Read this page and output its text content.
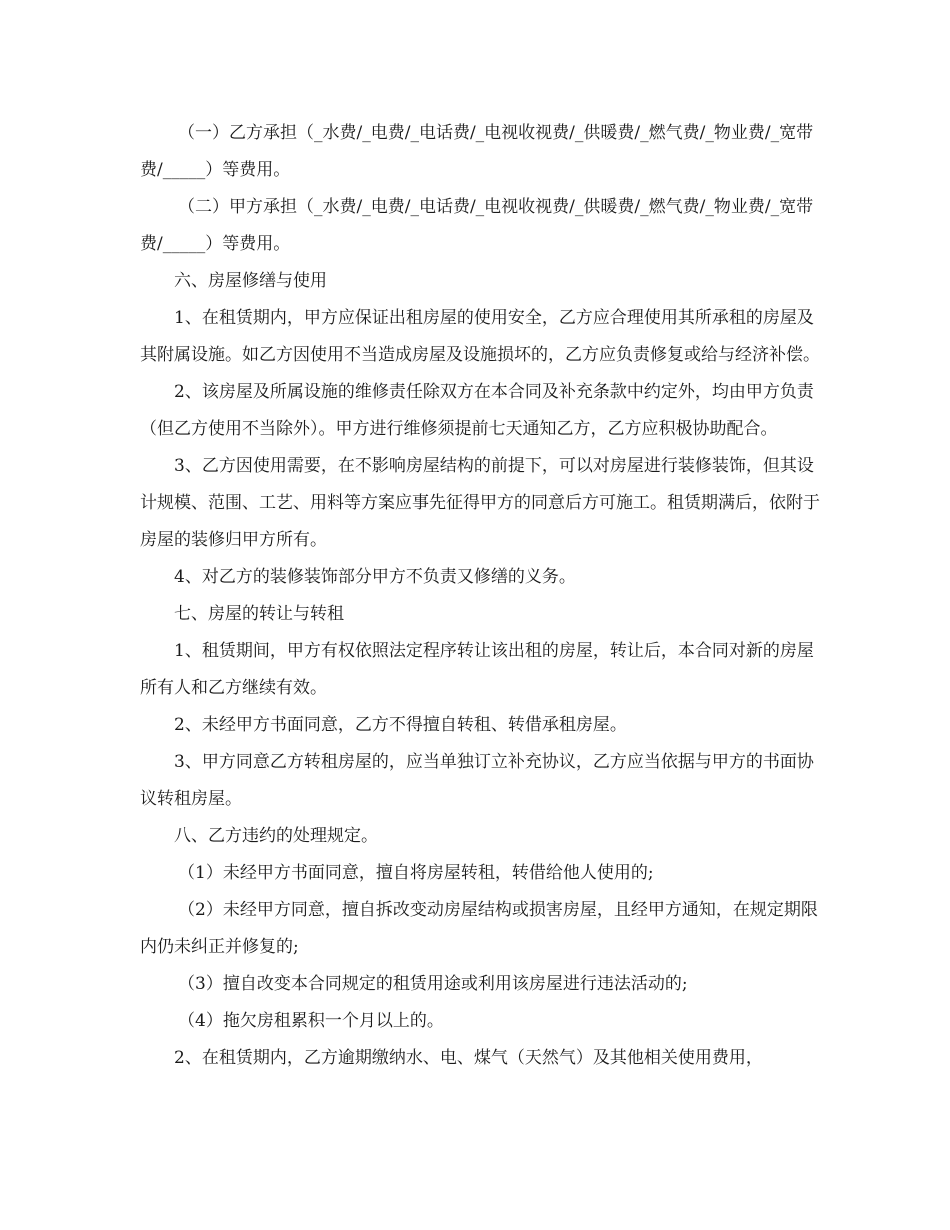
（一）乙方承担（_水费/_电费/_电话费/_电视收视费/_供暖费/_燃气费/_物业费/_宽带费/_____）等费用。

（二）甲方承担（_水费/_电费/_电话费/_电视收视费/_供暖费/_燃气费/_物业费/_宽带费/_____）等费用。

六、房屋修缮与使用

1、在租赁期内，甲方应保证出租房屋的使用安全，乙方应合理使用其所承租的房屋及其附属设施。如乙方因使用不当造成房屋及设施损坏的，乙方应负责修复或给与经济补偿。

2、该房屋及所属设施的维修责任除双方在本合同及补充条款中约定外，均由甲方负责（但乙方使用不当除外）。甲方进行维修须提前七天通知乙方，乙方应积极协助配合。

3、乙方因使用需要，在不影响房屋结构的前提下，可以对房屋进行装修装饰，但其设计规模、范围、工艺、用料等方案应事先征得甲方的同意后方可施工。租赁期满后，依附于房屋的装修归甲方所有。

4、对乙方的装修装饰部分甲方不负责又修缮的义务。

七、房屋的转让与转租

1、租赁期间，甲方有权依照法定程序转让该出租的房屋，转让后，本合同对新的房屋所有人和乙方继续有效。

2、未经甲方书面同意，乙方不得擅自转租、转借承租房屋。

3、甲方同意乙方转租房屋的，应当单独订立补充协议，乙方应当依据与甲方的书面协议转租房屋。

八、乙方违约的处理规定。

（1）未经甲方书面同意，擅自将房屋转租，转借给他人使用的;

（2）未经甲方同意，擅自拆改变动房屋结构或损害房屋，且经甲方通知，在规定期限内仍未纠正并修复的;

（3）擅自改变本合同规定的租赁用途或利用该房屋进行违法活动的;

（4）拖欠房租累积一个月以上的。

2、在租赁期内，乙方逾期缴纳水、电、煤气（天然气）及其他相关使用费用，
